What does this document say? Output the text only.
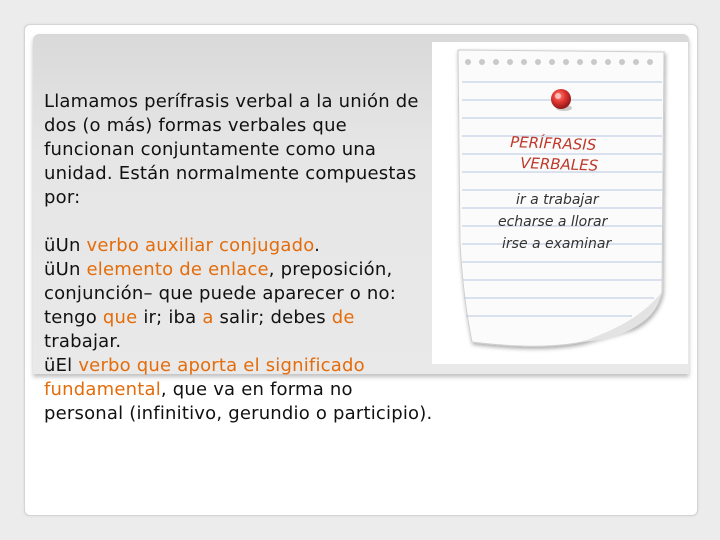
Llamamos perífrasis verbal a la unión de dos (o más) formas verbales que funcionan conjuntamente como una unidad. Están normalmente compuestas por:

üUn verbo auxiliar conjugado.

üUn elemento de enlace, preposición, conjunción– que puede aparecer o no: tengo que ir; iba a salir; debes de trabajar.

üEl verbo que aporta el significado fundamental, que va en forma no personal (infinitivo, gerundio o participio).

PERÍFRASIS
VERBALES
ir a trabajar
echarse a llorar
irse a examinar
